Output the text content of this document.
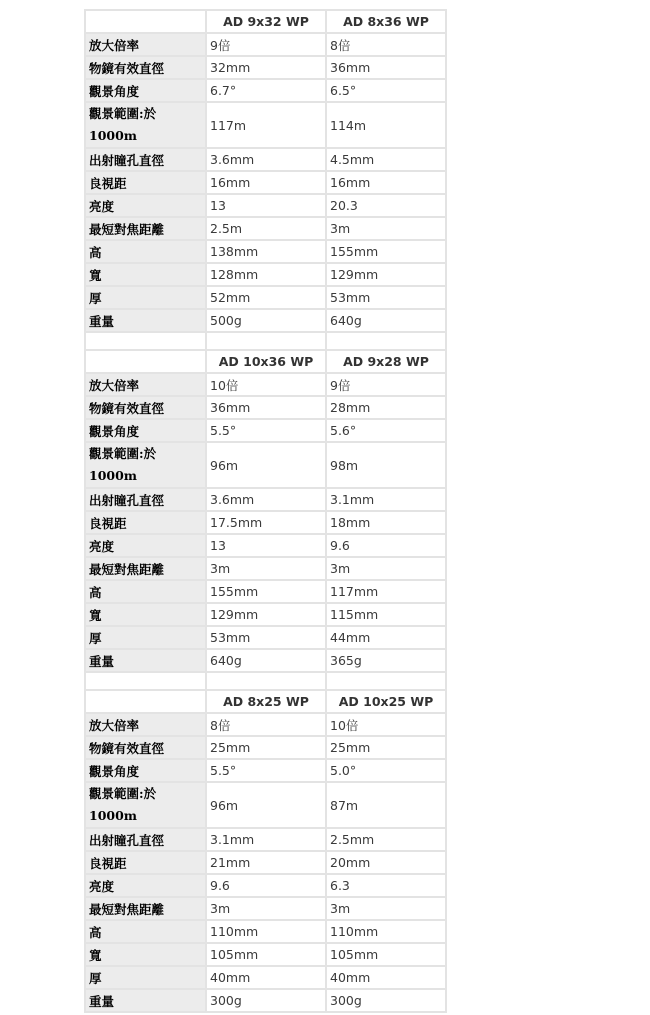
	AD 9x32 WP	AD 8x36 WP
放大倍率	9倍	8倍
物鏡有效直徑	32mm	36mm
觀景角度	6.7°	6.5°
觀景範圍:於1000m	117m	114m
出射瞳孔直徑	3.6mm	4.5mm
良視距	16mm	16mm
亮度	13	20.3
最短對焦距離	2.5m	3m
高	138mm	155mm
寬	128mm	129mm
厚	52mm	53mm
重量	500g	640g

	AD 10x36 WP	AD 9x28 WP
放大倍率	10倍	9倍
物鏡有效直徑	36mm	28mm
觀景角度	5.5°	5.6°
觀景範圍:於1000m	96m	98m
出射瞳孔直徑	3.6mm	3.1mm
良視距	17.5mm	18mm
亮度	13	9.6
最短對焦距離	3m	3m
高	155mm	117mm
寬	129mm	115mm
厚	53mm	44mm
重量	640g	365g

	AD 8x25 WP	AD 10x25 WP
放大倍率	8倍	10倍
物鏡有效直徑	25mm	25mm
觀景角度	5.5°	5.0°
觀景範圍:於1000m	96m	87m
出射瞳孔直徑	3.1mm	2.5mm
良視距	21mm	20mm
亮度	9.6	6.3
最短對焦距離	3m	3m
高	110mm	110mm
寬	105mm	105mm
厚	40mm	40mm
重量	300g	300g
